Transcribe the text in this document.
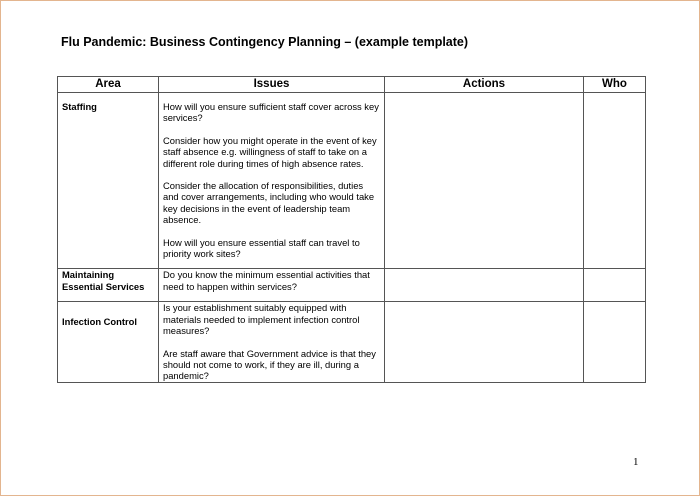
Flu Pandemic: Business Contingency Planning – (example template)
Area	Issues	Actions	Who

Staffing	How will you ensure sufficient staff cover across key services?

Consider how you might operate in the event of key staff absence e.g. willingness of staff to take on a different role during times of high absence rates.

Consider the allocation of responsibilities, duties and cover arrangements, including who would take key decisions in the event of leadership team absence.

How will you ensure essential staff can travel to priority work sites?		

Maintaining Essential Services	Do you know the minimum essential activities that need to happen within services?		

Infection Control	Is your establishment suitably equipped with materials needed to implement infection control measures?

Are staff aware that Government advice is that they should not come to work, if they are ill, during a pandemic?		

1
